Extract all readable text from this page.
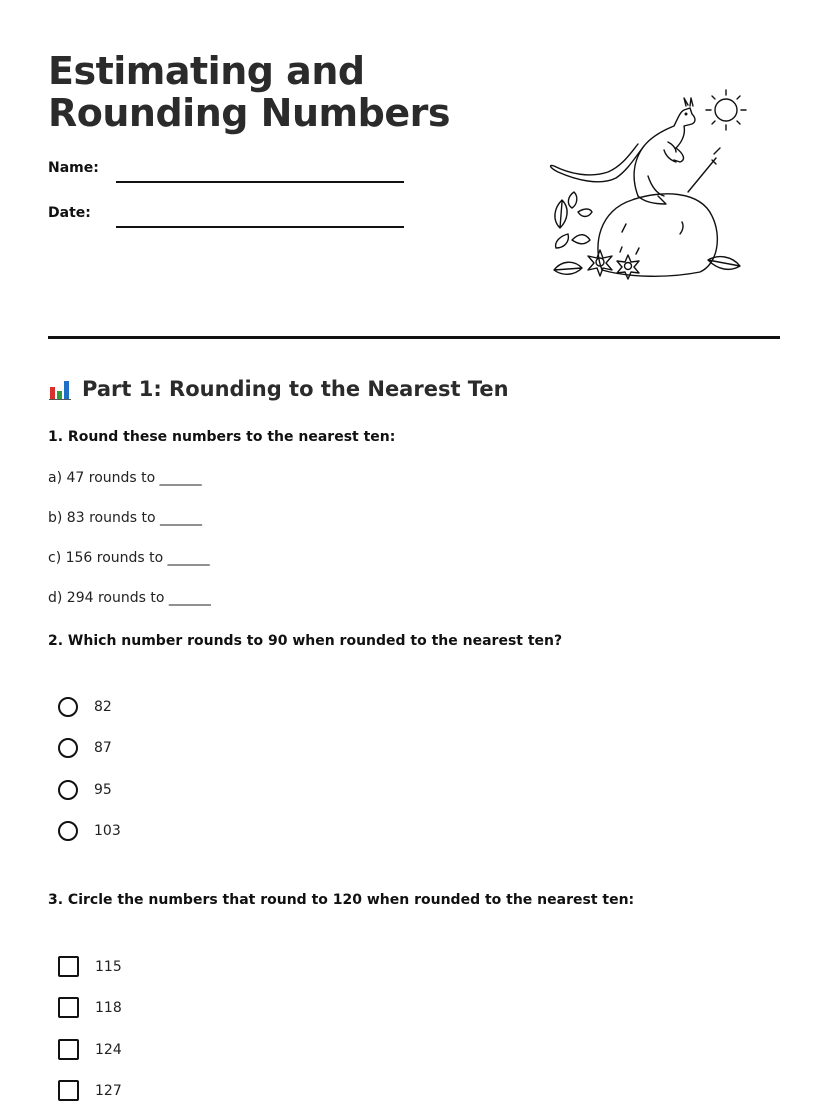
Estimating and Rounding Numbers
Name:
Date:
Part 1: Rounding to the Nearest Ten
1. Round these numbers to the nearest ten:
a) 47 rounds to ______
b) 83 rounds to ______
c) 156 rounds to ______
d) 294 rounds to ______
2. Which number rounds to 90 when rounded to the nearest ten?
82
87
95
103
3. Circle the numbers that round to 120 when rounded to the nearest ten:
115
118
124
127
